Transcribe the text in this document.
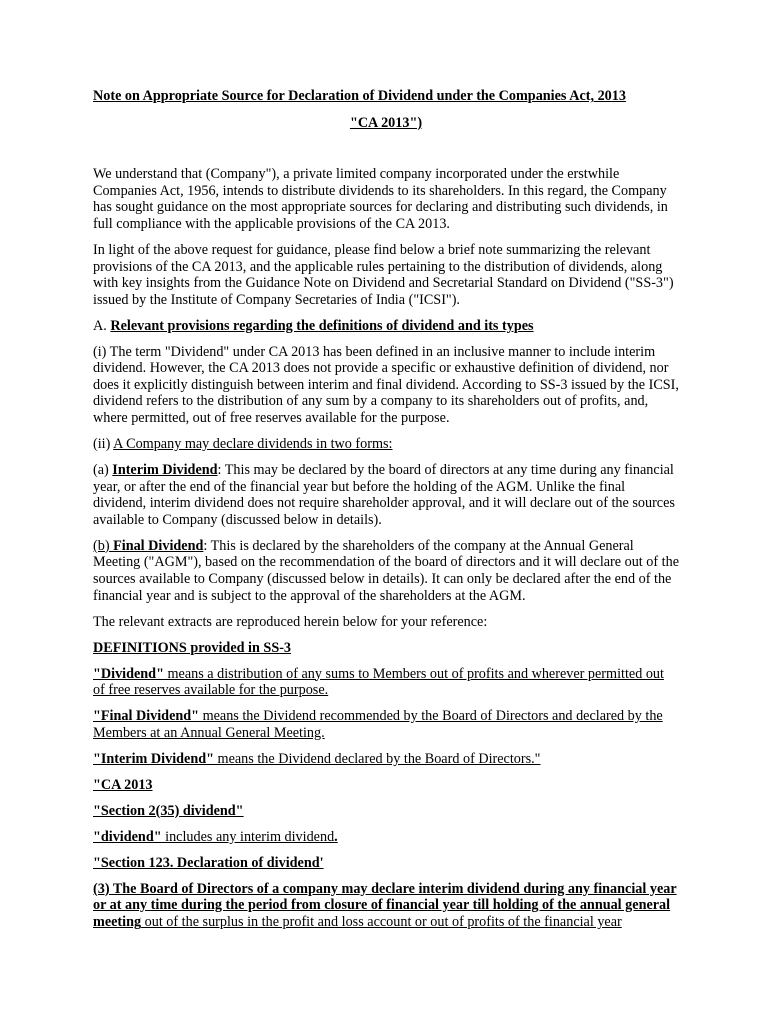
Note on Appropriate Source for Declaration of Dividend under the Companies Act, 2013

"CA 2013")

We understand that (Company"), a private limited company incorporated under the erstwhile Companies Act, 1956, intends to distribute dividends to its shareholders. In this regard, the Company has sought guidance on the most appropriate sources for declaring and distributing such dividends, in full compliance with the applicable provisions of the CA 2013.

In light of the above request for guidance, please find below a brief note summarizing the relevant provisions of the CA 2013, and the applicable rules pertaining to the distribution of dividends, along with key insights from the Guidance Note on Dividend and Secretarial Standard on Dividend ("SS-3") issued by the Institute of Company Secretaries of India ("ICSI").

A. Relevant provisions regarding the definitions of dividend and its types

(i) The term "Dividend" under CA 2013 has been defined in an inclusive manner to include interim dividend. However, the CA 2013 does not provide a specific or exhaustive definition of dividend, nor does it explicitly distinguish between interim and final dividend. According to SS-3 issued by the ICSI, dividend refers to the distribution of any sum by a company to its shareholders out of profits, and, where permitted, out of free reserves available for the purpose.

(ii) A Company may declare dividends in two forms:

(a) Interim Dividend: This may be declared by the board of directors at any time during any financial year, or after the end of the financial year but before the holding of the AGM. Unlike the final dividend, interim dividend does not require shareholder approval, and it will declare out of the sources available to Company (discussed below in details).

(b) Final Dividend: This is declared by the shareholders of the company at the Annual General Meeting ("AGM"), based on the recommendation of the board of directors and it will declare out of the sources available to Company (discussed below in details). It can only be declared after the end of the financial year and is subject to the approval of the shareholders at the AGM.

The relevant extracts are reproduced herein below for your reference:

DEFINITIONS provided in SS-3

"Dividend" means a distribution of any sums to Members out of profits and wherever permitted out of free reserves available for the purpose.

"Final Dividend" means the Dividend recommended by the Board of Directors and declared by the Members at an Annual General Meeting.

"Interim Dividend" means the Dividend declared by the Board of Directors."

"CA 2013

"Section 2(35) dividend"

"dividend" includes any interim dividend.

"Section 123. Declaration of dividend'

(3) The Board of Directors of a company may declare interim dividend during any financial year or at any time during the period from closure of financial year till holding of the annual general meeting out of the surplus in the profit and loss account or out of profits of the financial year
